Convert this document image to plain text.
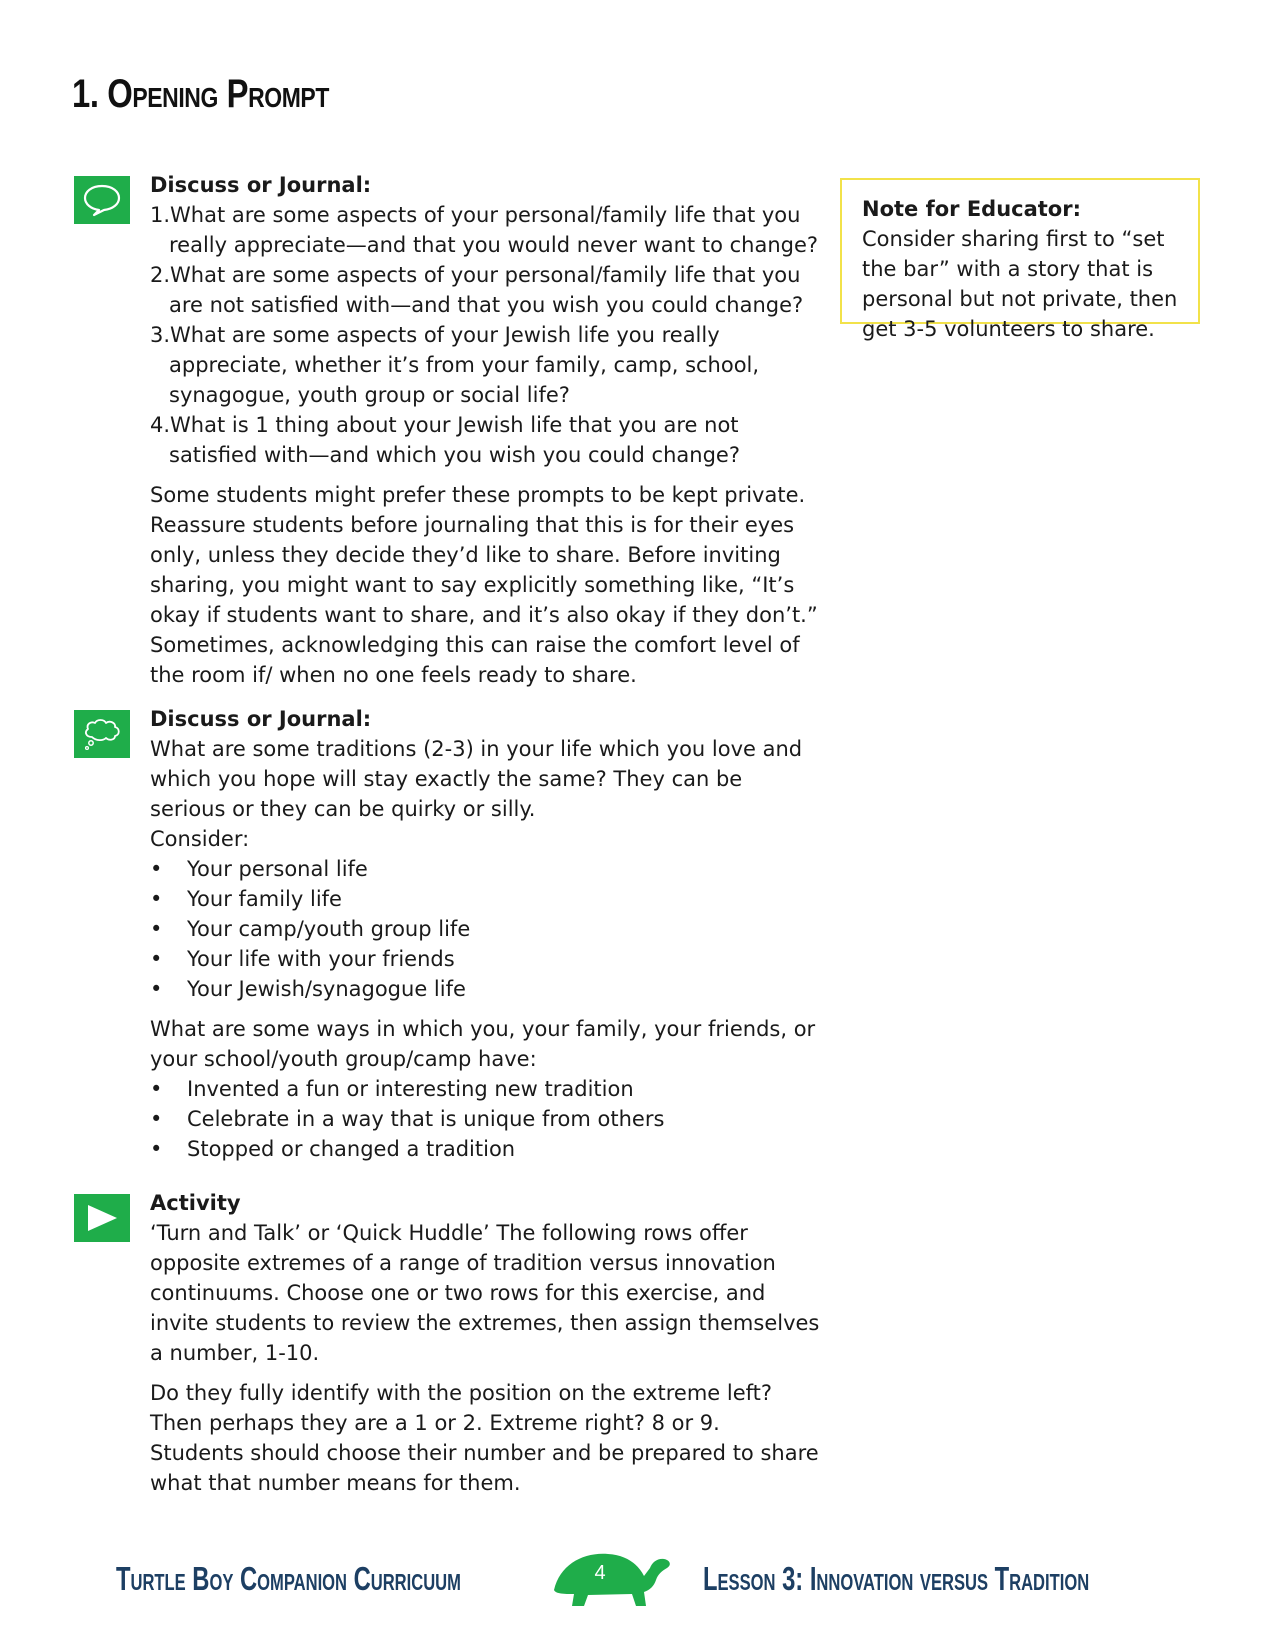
1. Opening Prompt

Discuss or Journal:

1.What are some aspects of your personal/family life that you really appreciate—and that you would never want to change?
2.What are some aspects of your personal/family life that you are not satisfied with—and that you wish you could change?
3.What are some aspects of your Jewish life you really appreciate, whether it’s from your family, camp, school, synagogue, youth group or social life?
4.What is 1 thing about your Jewish life that you are not satisfied with—and which you wish you could change?

Some students might prefer these prompts to be kept private. Reassure students before journaling that this is for their eyes only, unless they decide they’d like to share. Before inviting sharing, you might want to say explicitly something like, “It’s okay if students want to share, and it’s also okay if they don’t.” Sometimes, acknowledging this can raise the comfort level of the room if/ when no one feels ready to share.

Note for Educator: Consider sharing first to “set the bar” with a story that is personal but not private, then get 3-5 volunteers to share.

Discuss or Journal:

What are some traditions (2-3) in your life which you love and which you hope will stay exactly the same? They can be serious or they can be quirky or silly.

Consider:

• Your personal life
• Your family life
• Your camp/youth group life
• Your life with your friends
• Your Jewish/synagogue life

What are some ways in which you, your family, your friends, or your school/youth group/camp have:

• Invented a fun or interesting new tradition
• Celebrate in a way that is unique from others
• Stopped or changed a tradition

Activity

‘Turn and Talk’ or ‘Quick Huddle’ The following rows offer opposite extremes of a range of tradition versus innovation continuums. Choose one or two rows for this exercise, and invite students to review the extremes, then assign themselves a number, 1-10.

Do they fully identify with the position on the extreme left? Then perhaps they are a 1 or 2. Extreme right? 8 or 9. Students should choose their number and be prepared to share what that number means for them.

Turtle Boy Companion Curricuum	4	Lesson 3: Innovation versus Tradition
